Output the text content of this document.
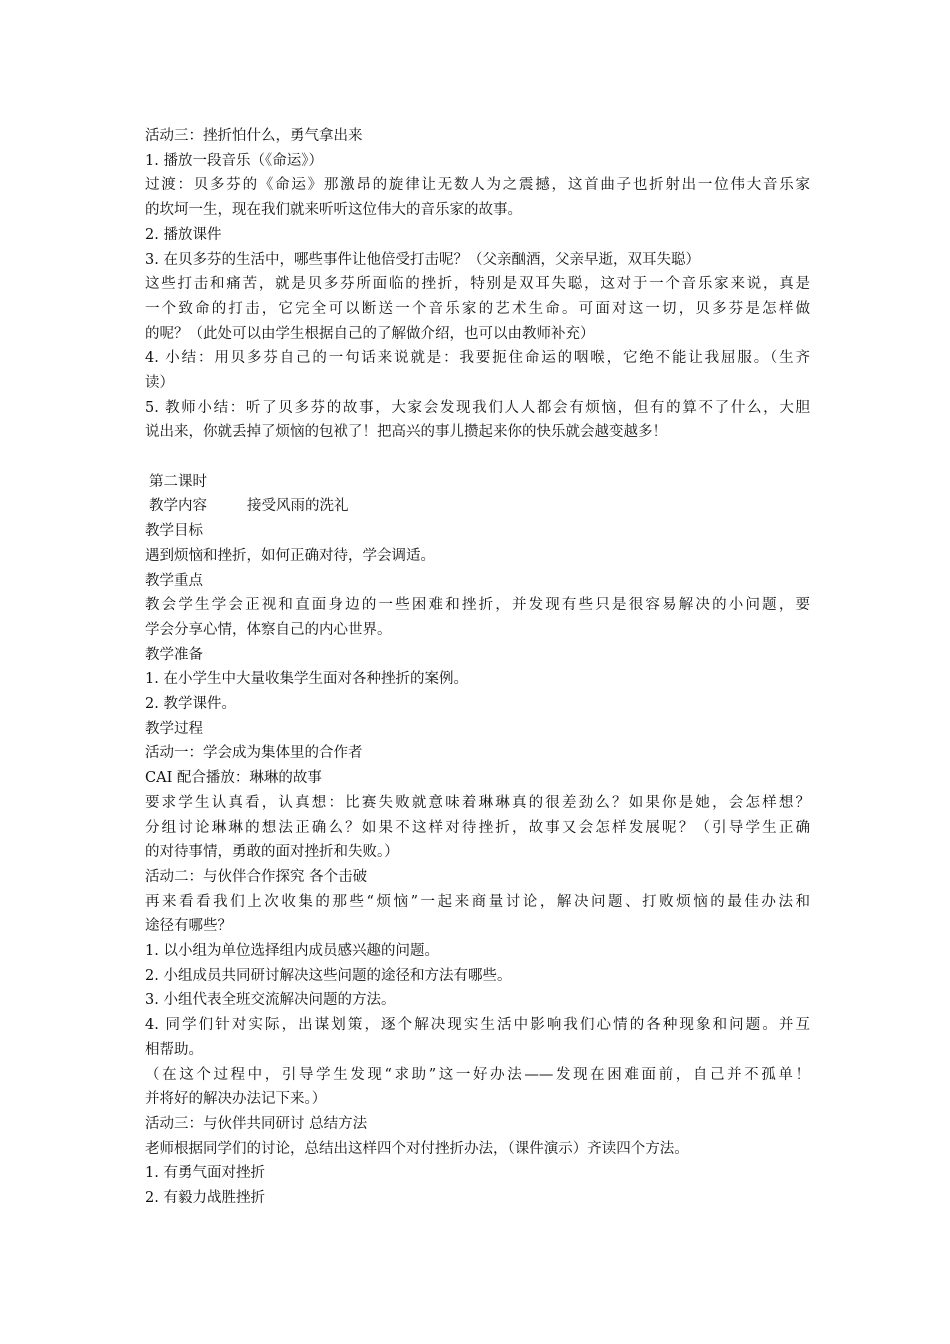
活动三：挫折怕什么，勇气拿出来
1. 播放一段音乐（《命运》）
过渡：贝多芬的《命运》那激昂的旋律让无数人为之震撼，这首曲子也折射出一位伟大音乐家
的坎坷一生，现在我们就来听听这位伟大的音乐家的故事。
2. 播放课件
3. 在贝多芬的生活中，哪些事件让他倍受打击呢？（父亲酗酒，父亲早逝，双耳失聪）
这些打击和痛苦，就是贝多芬所面临的挫折，特别是双耳失聪，这对于一个音乐家来说，真是
一个致命的打击，它完全可以断送一个音乐家的艺术生命。可面对这一切，贝多芬是怎样做
的呢？（此处可以由学生根据自己的了解做介绍，也可以由教师补充）
4. 小结：用贝多芬自己的一句话来说就是：我要扼住命运的咽喉，它绝不能让我屈服。（生齐
读）
5. 教师小结：听了贝多芬的故事，大家会发现我们人人都会有烦恼，但有的算不了什么，大胆
说出来，你就丢掉了烦恼的包袱了！把高兴的事儿攒起来你的快乐就会越变越多！
第二课时
教学内容	接受风雨的洗礼
教学目标
遇到烦恼和挫折，如何正确对待，学会调适。
教学重点
教会学生学会正视和直面身边的一些困难和挫折，并发现有些只是很容易解决的小问题，要
学会分享心情，体察自己的内心世界。
教学准备
1. 在小学生中大量收集学生面对各种挫折的案例。
2. 教学课件。
教学过程
活动一：学会成为集体里的合作者
CAI 配合播放：琳琳的故事
要求学生认真看，认真想：比赛失败就意味着琳琳真的很差劲么？如果你是她，会怎样想？
分组讨论琳琳的想法正确么？如果不这样对待挫折，故事又会怎样发展呢？（引导学生正确
的对待事情，勇敢的面对挫折和失败。）
活动二：与伙伴合作探究 各个击破
再来看看我们上次收集的那些“烦恼”一起来商量讨论，解决问题、打败烦恼的最佳办法和
途径有哪些？
1. 以小组为单位选择组内成员感兴趣的问题。
2. 小组成员共同研讨解决这些问题的途径和方法有哪些。
3. 小组代表全班交流解决问题的方法。
4. 同学们针对实际，出谋划策，逐个解决现实生活中影响我们心情的各种现象和问题。并互
相帮助。
（在这个过程中，引导学生发现“求助”这一好办法——发现在困难面前，自己并不孤单！
并将好的解决办法记下来。）
活动三：与伙伴共同研讨 总结方法
老师根据同学们的讨论，总结出这样四个对付挫折办法，（课件演示）齐读四个方法。
1. 有勇气面对挫折
2. 有毅力战胜挫折
